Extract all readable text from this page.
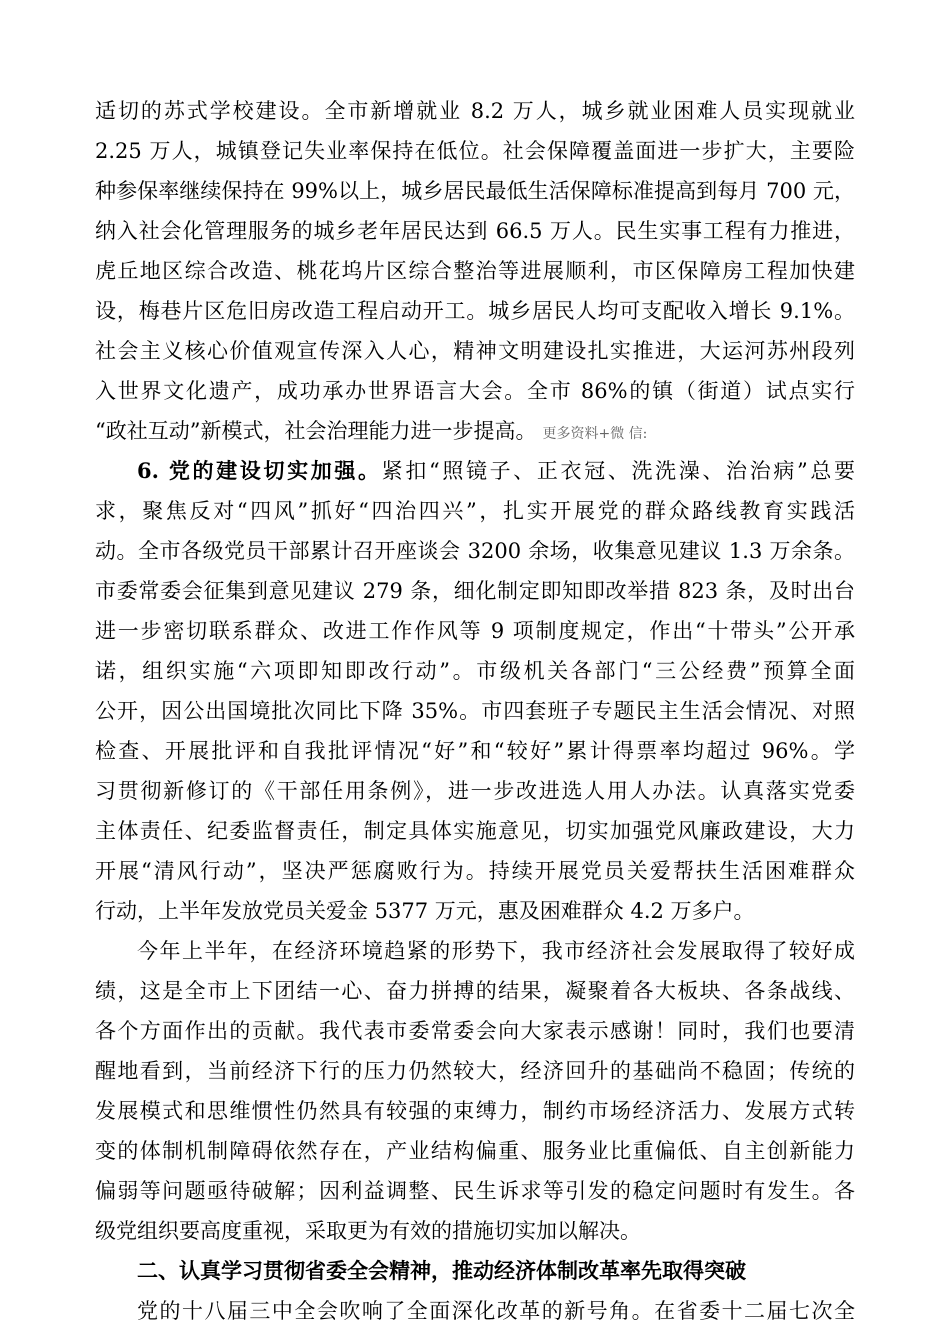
适切的苏式学校建设。全市新增就业 8.2 万人，城乡就业困难人员实现就业
2.25 万人，城镇登记失业率保持在低位。社会保障覆盖面进一步扩大，主要险
种参保率继续保持在 99%以上，城乡居民最低生活保障标准提高到每月 700 元，
纳入社会化管理服务的城乡老年居民达到 66.5 万人。民生实事工程有力推进，
虎丘地区综合改造、桃花坞片区综合整治等进展顺利，市区保障房工程加快建
设，梅巷片区危旧房改造工程启动开工。城乡居民人均可支配收入增长 9.1%。
社会主义核心价值观宣传深入人心，精神文明建设扎实推进，大运河苏州段列
入世界文化遗产，成功承办世界语言大会。全市 86%的镇（街道）试点实行
“政社互动”新模式，社会治理能力进一步提高。 更多资料+微 信:
6. 党的建设切实加强。紧扣“照镜子、正衣冠、洗洗澡、治治病”总要
求，聚焦反对“四风”抓好“四治四兴”，扎实开展党的群众路线教育实践活
动。全市各级党员干部累计召开座谈会 3200 余场，收集意见建议 1.3 万余条。
市委常委会征集到意见建议 279 条，细化制定即知即改举措 823 条，及时出台
进一步密切联系群众、改进工作作风等 9 项制度规定，作出“十带头”公开承
诺，组织实施“六项即知即改行动”。市级机关各部门“三公经费”预算全面
公开，因公出国境批次同比下降 35%。市四套班子专题民主生活会情况、对照
检查、开展批评和自我批评情况“好”和“较好”累计得票率均超过 96%。学
习贯彻新修订的《干部任用条例》，进一步改进选人用人办法。认真落实党委
主体责任、纪委监督责任，制定具体实施意见，切实加强党风廉政建设，大力
开展“清风行动”，坚决严惩腐败行为。持续开展党员关爱帮扶生活困难群众
行动，上半年发放党员关爱金 5377 万元，惠及困难群众 4.2 万多户。
今年上半年，在经济环境趋紧的形势下，我市经济社会发展取得了较好成
绩，这是全市上下团结一心、奋力拼搏的结果，凝聚着各大板块、各条战线、
各个方面作出的贡献。我代表市委常委会向大家表示感谢！同时，我们也要清
醒地看到，当前经济下行的压力仍然较大，经济回升的基础尚不稳固；传统的
发展模式和思维惯性仍然具有较强的束缚力，制约市场经济活力、发展方式转
变的体制机制障碍依然存在，产业结构偏重、服务业比重偏低、自主创新能力
偏弱等问题亟待破解；因利益调整、民生诉求等引发的稳定问题时有发生。各
级党组织要高度重视，采取更为有效的措施切实加以解决。
二、认真学习贯彻省委全会精神，推动经济体制改革率先取得突破
党的十八届三中全会吹响了全面深化改革的新号角。在省委十二届七次全
